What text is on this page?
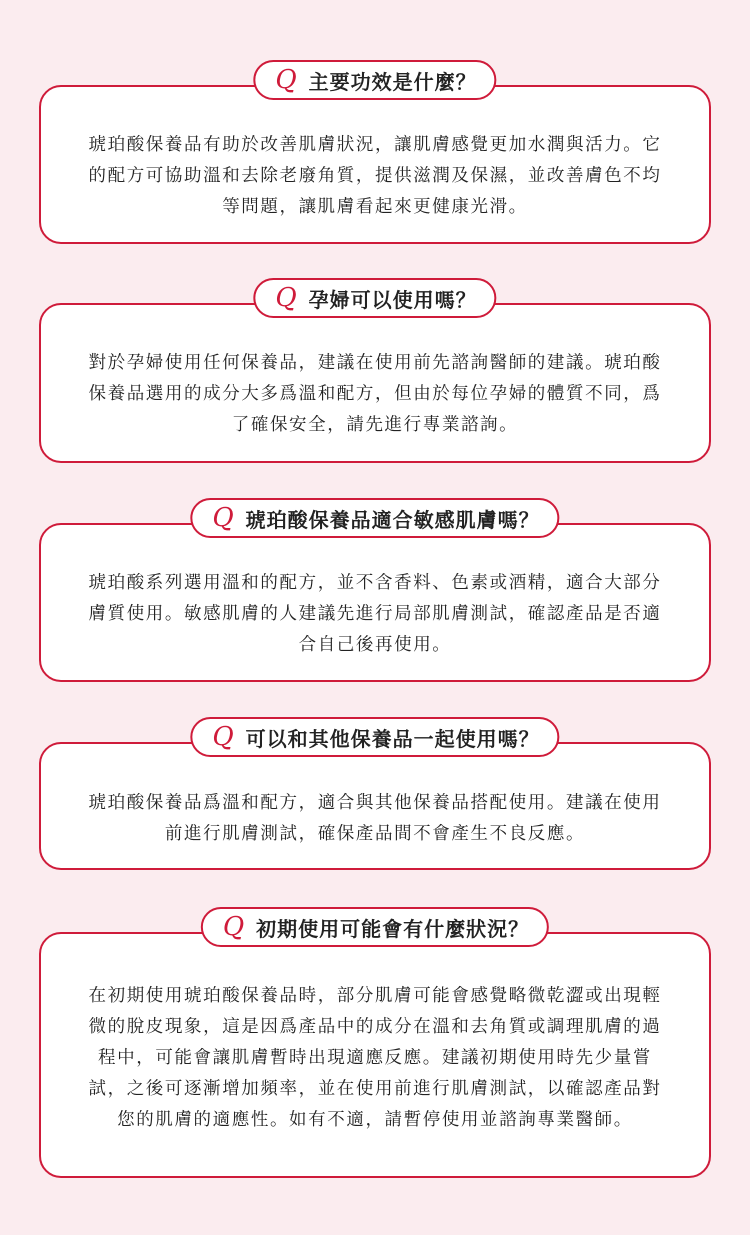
Q 主要功效是什麼？

琥珀酸保養品有助於改善肌膚狀況，讓肌膚感覺更加水潤與活力。它的配方可協助溫和去除老廢角質，提供滋潤及保濕，並改善膚色不均等問題，讓肌膚看起來更健康光滑。

Q 孕婦可以使用嗎？

對於孕婦使用任何保養品，建議在使用前先諮詢醫師的建議。琥珀酸保養品選用的成分大多爲溫和配方，但由於每位孕婦的體質不同，爲了確保安全，請先進行專業諮詢。

Q 琥珀酸保養品適合敏感肌膚嗎？

琥珀酸系列選用溫和的配方，並不含香料、色素或酒精，適合大部分膚質使用。敏感肌膚的人建議先進行局部肌膚測試，確認產品是否適合自己後再使用。

Q 可以和其他保養品一起使用嗎？

琥珀酸保養品爲溫和配方，適合與其他保養品搭配使用。建議在使用前進行肌膚測試，確保產品間不會產生不良反應。

Q 初期使用可能會有什麼狀況？

在初期使用琥珀酸保養品時，部分肌膚可能會感覺略微乾澀或出現輕微的脫皮現象，這是因爲產品中的成分在溫和去角質或調理肌膚的過程中，可能會讓肌膚暫時出現適應反應。建議初期使用時先少量嘗試，之後可逐漸增加頻率，並在使用前進行肌膚測試，以確認產品對您的肌膚的適應性。如有不適，請暫停使用並諮詢專業醫師。
